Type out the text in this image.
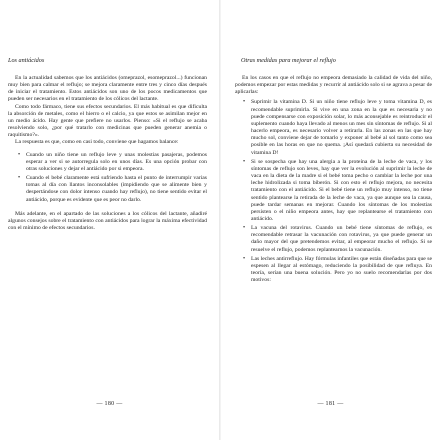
Los antiácidos

En la actualidad sabemos que los antiácidos (omeprazol, esomeprazol...) funcionan muy bien para calmar el reflujo; se mejora claramente entre tres y cinco días después de iniciar el tratamiento. Estos antiácidos son uno de los pocos medicamentos que pueden ser necesarios en el tratamiento de los cólicos del lactante.

Como todo fármaco, tiene sus efectos secundarios. El más habitual es que dificulta la absorción de metales, como el hierro o el calcio, ya que estos se asimilan mejor en un medio ácido. Hay gente que prefiere no usarlos. Pienso: «Si el reflujo se acaba resolviendo solo, ¿por qué tratarlo con medicinas que pueden generar anemia o raquitismo?».

La respuesta es que, como en casi todo, conviene que hagamos balance:

• Cuando un niño tiene un reflujo leve y unas molestias pasajeras, podemos esperar a ver si se autorregula solo en unos días. Es una opción probar con otras soluciones y dejar el antiácido por si empeora.
• Cuando el bebé claramente está sufriendo hasta el punto de interrumpir varias tomas al día con llantos inconsolables (impidiendo que se alimente bien y despertándose con dolor intenso cuando hay reflujo), no tiene sentido evitar el antiácido, porque es evidente que es peor no darlo.

Más adelante, en el apartado de las soluciones a los cólicos del lactante, añadiré algunos consejos sobre el tratamiento con antiácidos para lograr la máxima efectividad con el mínimo de efectos secundarios.

— 180 —
Otras medidas para mejorar el reflujo

En los casos en que el reflujo no empeora demasiado la calidad de vida del niño, podemos empezar por estas medidas y recurrir al antiácido solo si se agrava a pesar de aplicarlas:

• Suprimir la vitamina D. Si un niño tiene reflujo leve y toma vitamina D, es recomendable suprimirla. Si vive en una zona en la que es necesaria y no puede compensarse con exposición solar, lo más aconsejable es reintroducir el suplemento cuando haya llevado al menos un mes sin síntomas de reflujo. Si al hacerlo empeora, es necesario volver a retirarla. En las zonas en las que hay mucho sol, conviene dejar de tomarlo y exponer al bebé al sol tanto como sea posible en las horas en que no quema. ¡Así quedará cubierta su necesidad de vitamina D!
• Si se sospecha que hay una alergia a la proteína de la leche de vaca, y los síntomas de reflujo son leves, hay que ver la evolución al suprimir la leche de vaca en la dieta de la madre si el bebé toma pecho o cambiar la leche por una leche hidrolizada si toma biberón. Si con esto el reflujo mejora, no necesita tratamiento con el antiácido. Si el bebé tiene un reflujo muy intenso, no tiene sentido plantearse la retirada de la leche de vaca, ya que aunque sea la causa, puede tardar semanas en mejorar. Cuando los síntomas de los molestias persisten o el niño empeora antes, hay que replantearse el tratamiento con antiácido.
• La vacuna del rotavirus. Cuando un bebé tiene síntomas de reflujo, es recomendable retrasar la vacunación con rotavirus, ya que puede generar un daño mayor del que pretendemos evitar, al empeorar mucho el reflujo. Si se resuelve el reflujo, podemos replantearnos la vacunación.
• Las leches antirreflujo. Hay fórmulas infantiles que están diseñadas para que se espesen al llegar al estómago, reduciendo la posibilidad de que refluya. En teoría, serían una buena solución. Pero yo no suelo recomendarlas por dos motivos:
— 181 —
